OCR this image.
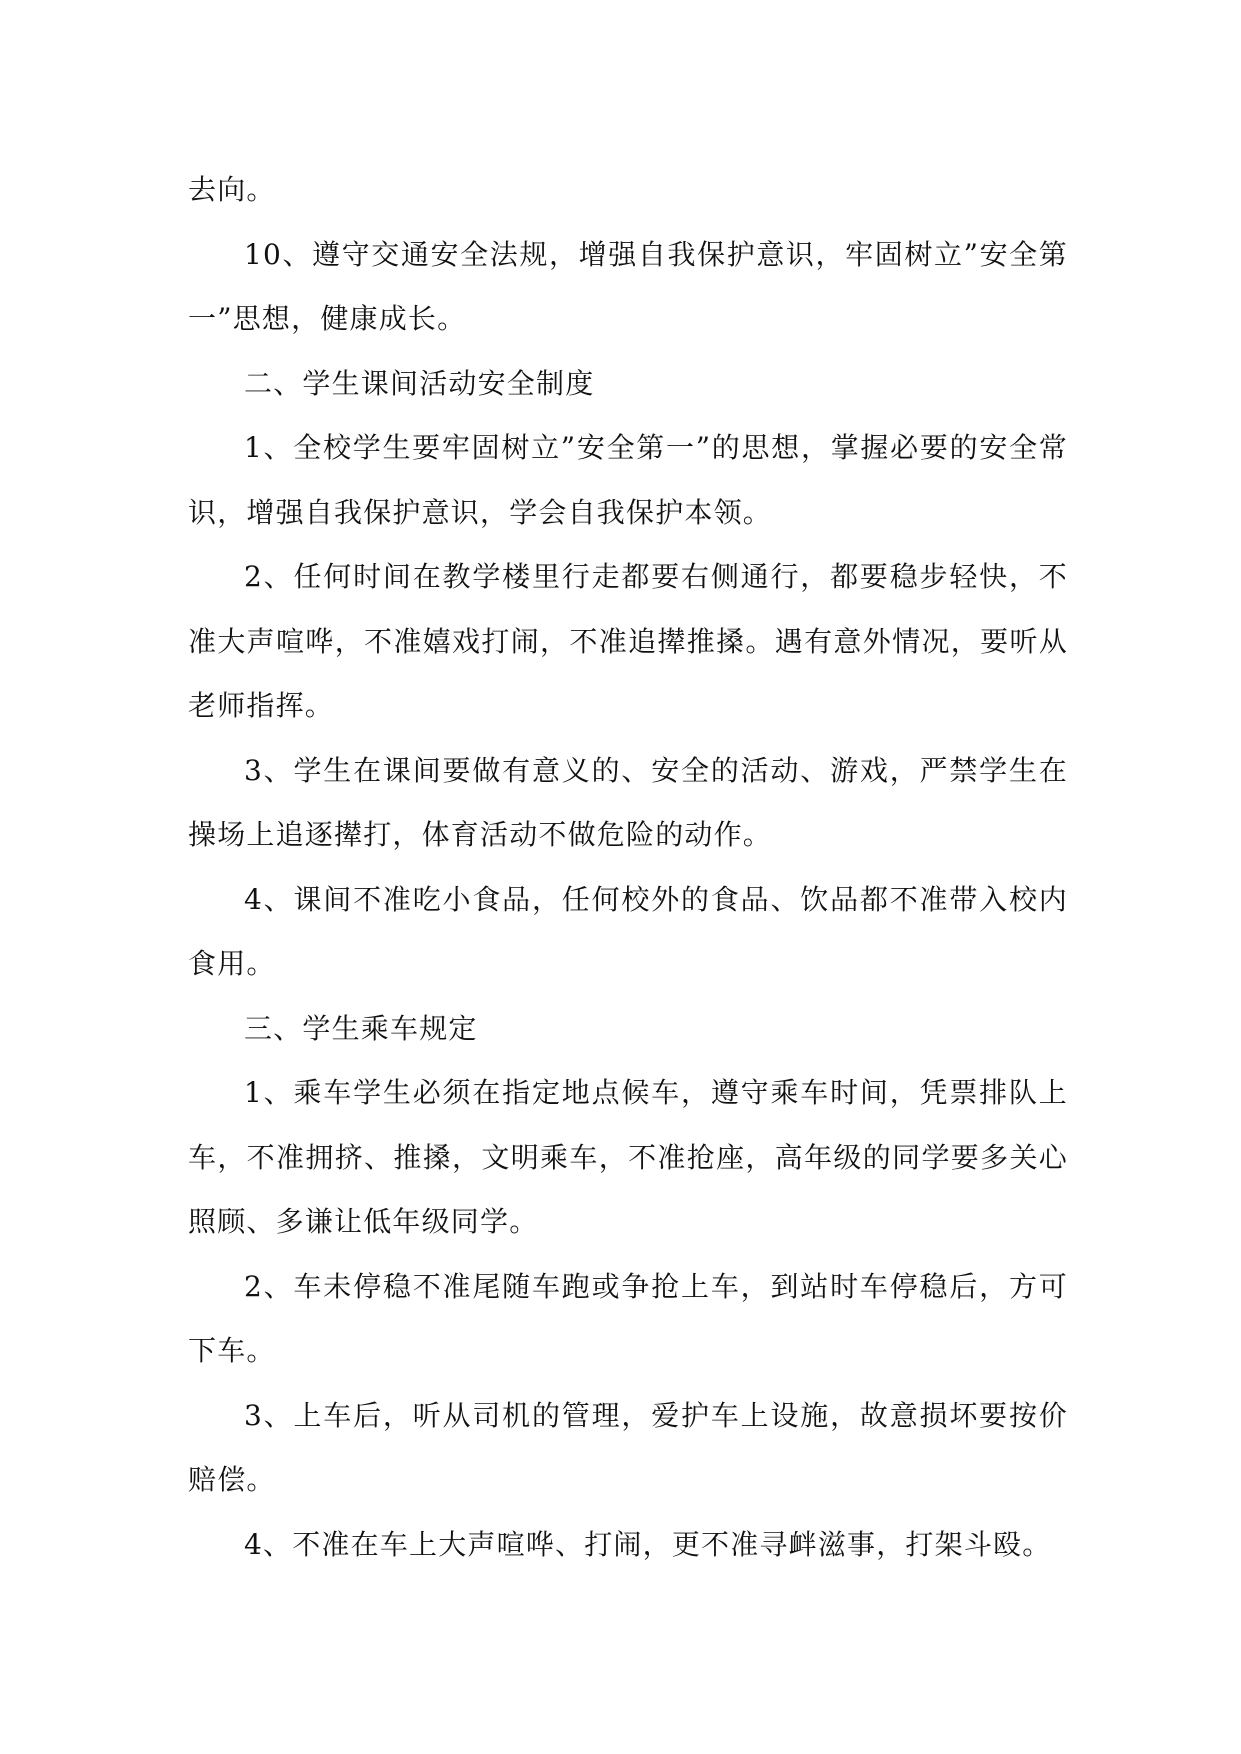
去向。

10、遵守交通安全法规，增强自我保护意识，牢固树立”安全第一”思想，健康成长。

二、学生课间活动安全制度

1、全校学生要牢固树立”安全第一”的思想，掌握必要的安全常识，增强自我保护意识，学会自我保护本领。

2、任何时间在教学楼里行走都要右侧通行，都要稳步轻快，不准大声喧哗，不准嬉戏打闹，不准追撵推搡。遇有意外情况，要听从老师指挥。

3、学生在课间要做有意义的、安全的活动、游戏，严禁学生在操场上追逐撵打，体育活动不做危险的动作。

4、课间不准吃小食品，任何校外的食品、饮品都不准带入校内食用。

三、学生乘车规定

1、乘车学生必须在指定地点候车，遵守乘车时间，凭票排队上车，不准拥挤、推搡，文明乘车，不准抢座，高年级的同学要多关心照顾、多谦让低年级同学。

2、车未停稳不准尾随车跑或争抢上车，到站时车停稳后，方可下车。

3、上车后，听从司机的管理，爱护车上设施，故意损坏要按价赔偿。

4、不准在车上大声喧哗、打闹，更不准寻衅滋事，打架斗殴。
